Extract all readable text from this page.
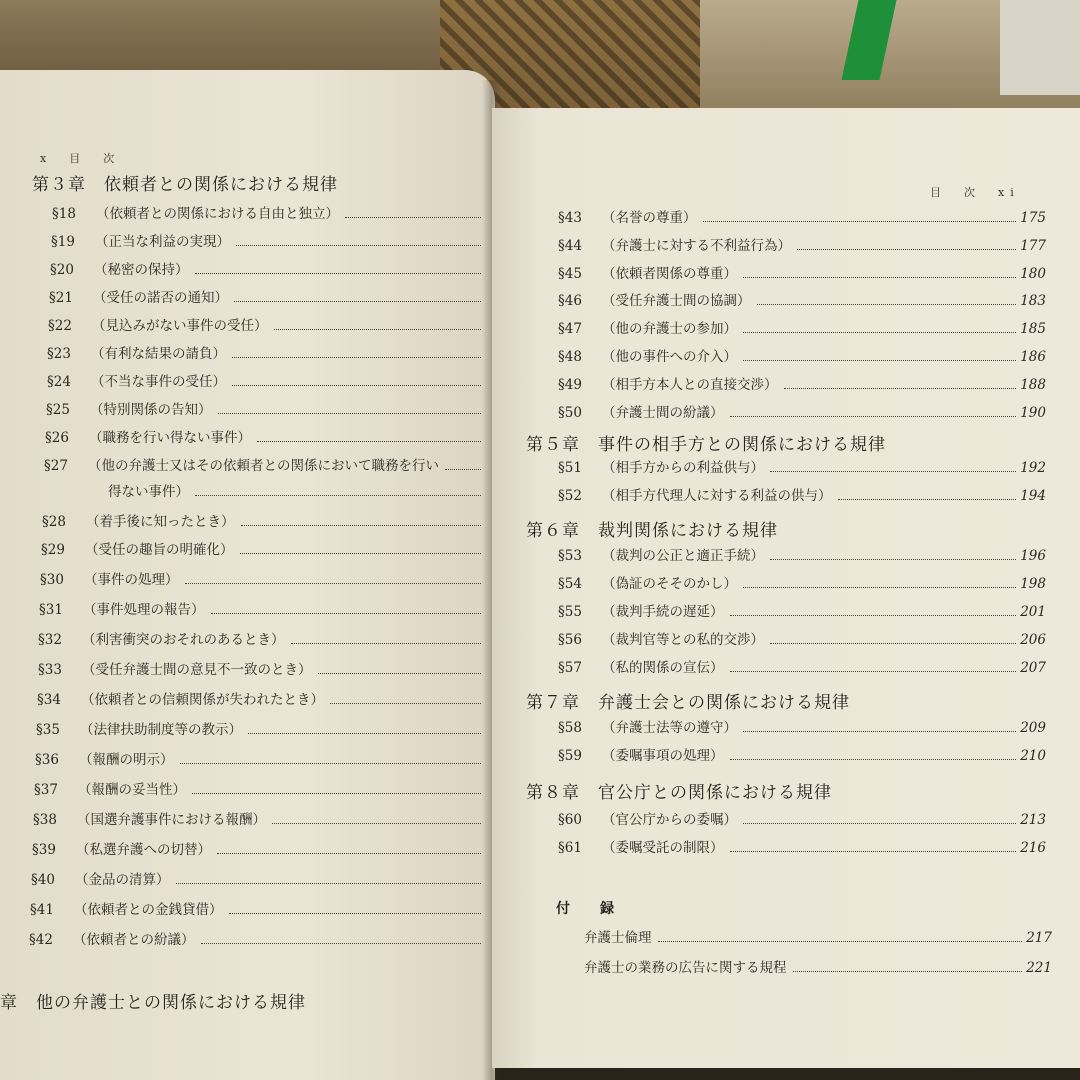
x　目　次
第３章　依頼者との関係における規律
§18	（依頼者との関係における自由と独立）
§19	（正当な利益の実現）
§20	（秘密の保持）
§21	（受任の諾否の通知）
§22	（見込みがない事件の受任）
§23	（有利な結果の請負）
§24	（不当な事件の受任）
§25	（特別関係の告知）
§26	（職務を行い得ない事件）
§27	（他の弁護士又はその依頼者との関係において職務を行い
得ない事件）
§28	（着手後に知ったとき）
§29	（受任の趣旨の明確化）
§30	（事件の処理）
§31	（事件処理の報告）
§32	（利害衝突のおそれのあるとき）
§33	（受任弁護士間の意見不一致のとき）
§34	（依頼者との信頼関係が失われたとき）
§35	（法律扶助制度等の教示）
§36	（報酬の明示）
§37	（報酬の妥当性）
§38	（国選弁護事件における報酬）
§39	（私選弁護への切替）
§40	（金品の清算）
§41	（依頼者との金銭貸借）
§42	（依頼者との紛議）
章　他の弁護士との関係における規律
目　次　xi
§43	（名誉の尊重）	175
§44	（弁護士に対する不利益行為）	177
§45	（依頼者関係の尊重）	180
§46	（受任弁護士間の協調）	183
§47	（他の弁護士の参加）	185
§48	（他の事件への介入）	186
§49	（相手方本人との直接交渉）	188
§50	（弁護士間の紛議）	190
第５章　事件の相手方との関係における規律
§51	（相手方からの利益供与）	192
§52	（相手方代理人に対する利益の供与）	194
第６章　裁判関係における規律
§53	（裁判の公正と適正手続）	196
§54	（偽証のそそのかし）	198
§55	（裁判手続の遅延）	201
§56	（裁判官等との私的交渉）	206
§57	（私的関係の宣伝）	207
第７章　弁護士会との関係における規律
§58	（弁護士法等の遵守）	209
§59	（委嘱事項の処理）	210
第８章　官公庁との関係における規律
§60	（官公庁からの委嘱）	213
§61	（委嘱受託の制限）	216
付　録
弁護士倫理	217
弁護士の業務の広告に関する規程	221
